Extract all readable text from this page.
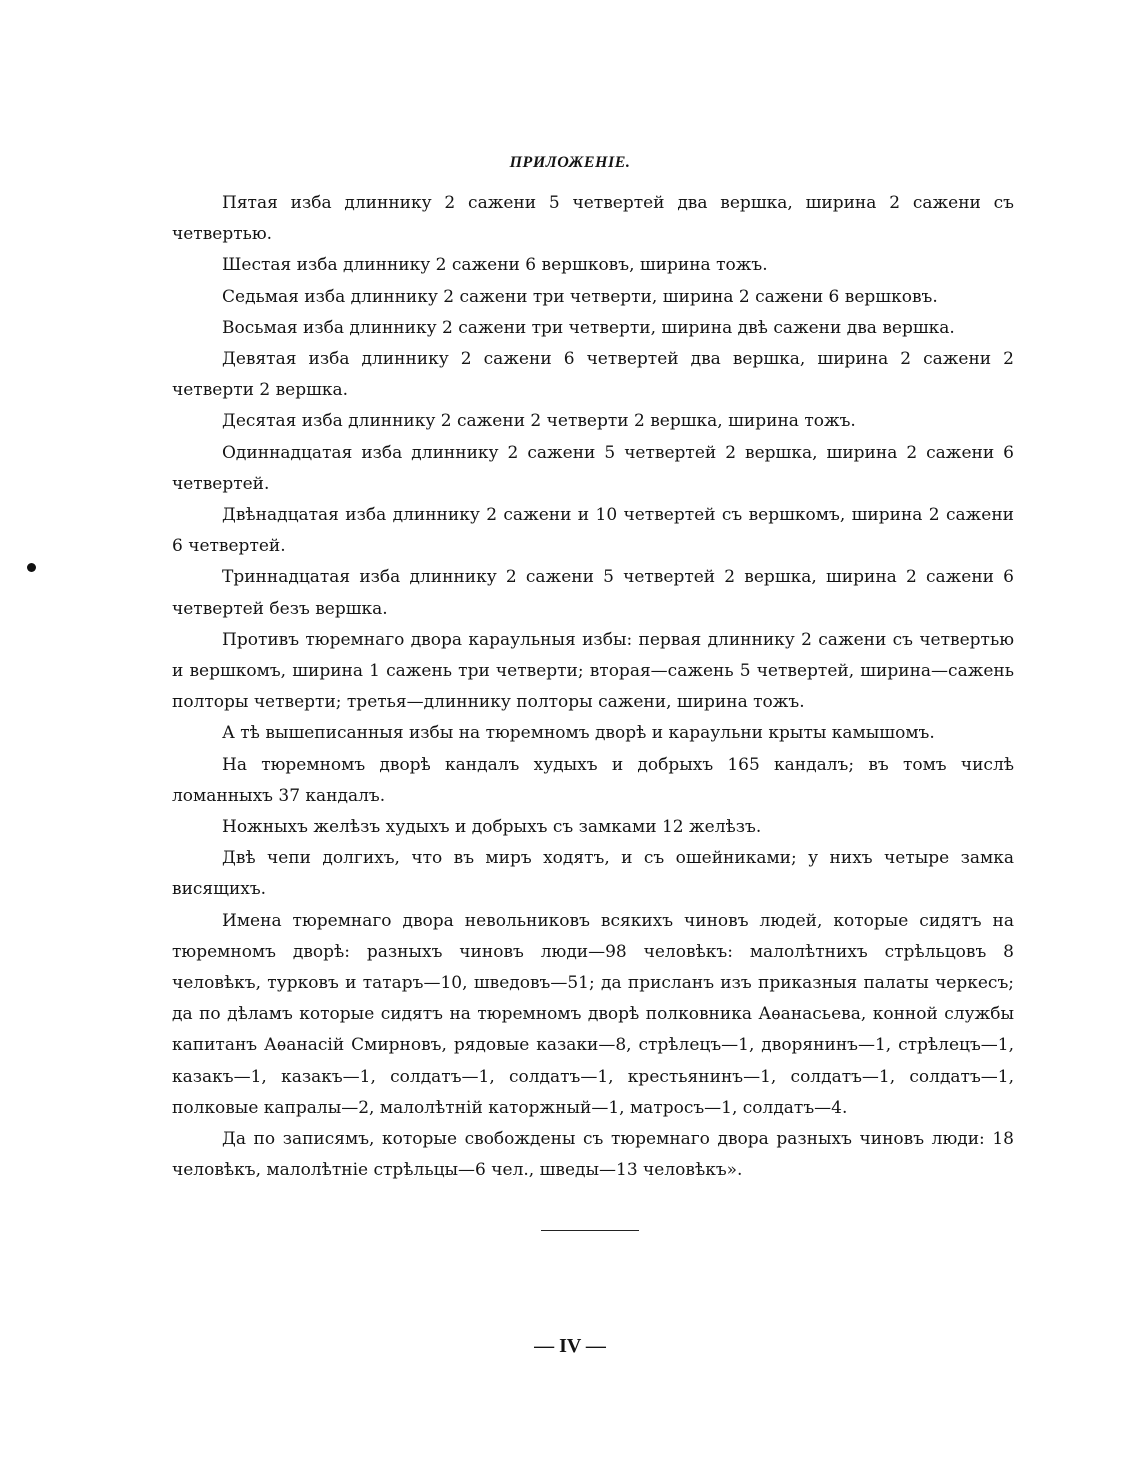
ПРИЛОЖЕНІЕ.

Пятая изба длиннику 2 сажени 5 четвертей два вершка, ширина 2 сажени съ четвертью.

Шестая изба длиннику 2 сажени 6 вершковъ, ширина тожъ.

Седьмая изба длиннику 2 сажени три четверти, ширина 2 сажени 6 вершковъ.

Восьмая изба длиннику 2 сажени три четверти, ширина двѣ сажени два вершка.

Девятая изба длиннику 2 сажени 6 четвертей два вершка, ширина 2 сажени 2 четверти 2 вершка.

Десятая изба длиннику 2 сажени 2 четверти 2 вершка, ширина тожъ.

Одиннадцатая изба длиннику 2 сажени 5 четвертей 2 вершка, ширина 2 сажени 6 четвертей.

Двѣнадцатая изба длиннику 2 сажени и 10 четвертей съ вершкомъ, ширина 2 сажени 6 четвертей.

Триннадцатая изба длиннику 2 сажени 5 четвертей 2 вершка, ширина 2 сажени 6 четвертей безъ вершка.

Противъ тюремнаго двора караульныя избы: первая длиннику 2 сажени съ четвертью и вершкомъ, ширина 1 сажень три четверти; вторая—сажень 5 четвертей, ширина—сажень полторы четверти; третья—длиннику полторы сажени, ширина тожъ.

А тѣ вышеписанныя избы на тюремномъ дворѣ и караульни крыты камышомъ.

На тюремномъ дворѣ кандалъ худыхъ и добрыхъ 165 кандалъ; въ томъ числѣ ломанныхъ 37 кандалъ.

Ножныхъ желѣзъ худыхъ и добрыхъ съ замками 12 желѣзъ.

Двѣ чепи долгихъ, что въ миръ ходятъ, и съ ошейниками; у нихъ четыре замка висящихъ.

Имена тюремнаго двора невольниковъ всякихъ чиновъ людей, которые сидятъ на тюремномъ дворѣ: разныхъ чиновъ люди—98 человѣкъ: малолѣтнихъ стрѣльцовъ 8 человѣкъ, турковъ и татаръ—10, шведовъ—51; да присланъ изъ приказныя палаты черкесъ; да по дѣламъ которые сидятъ на тюремномъ дворѣ полковника Аѳанасьева, конной службы капитанъ Аѳанасій Смирновъ, рядовые казаки—8, стрѣлецъ—1, дворянинъ—1, стрѣлецъ—1, казакъ—1, казакъ—1, солдатъ—1, солдатъ—1, крестьянинъ—1, солдатъ—1, солдатъ—1, полковые капралы—2, малолѣтній каторжный—1, матросъ—1, солдатъ—4.

Да по записямъ, которые свобождены съ тюремнаго двора разныхъ чиновъ люди: 18 человѣкъ, малолѣтніе стрѣльцы—6 чел., шведы—13 человѣкъ».

— IV —
